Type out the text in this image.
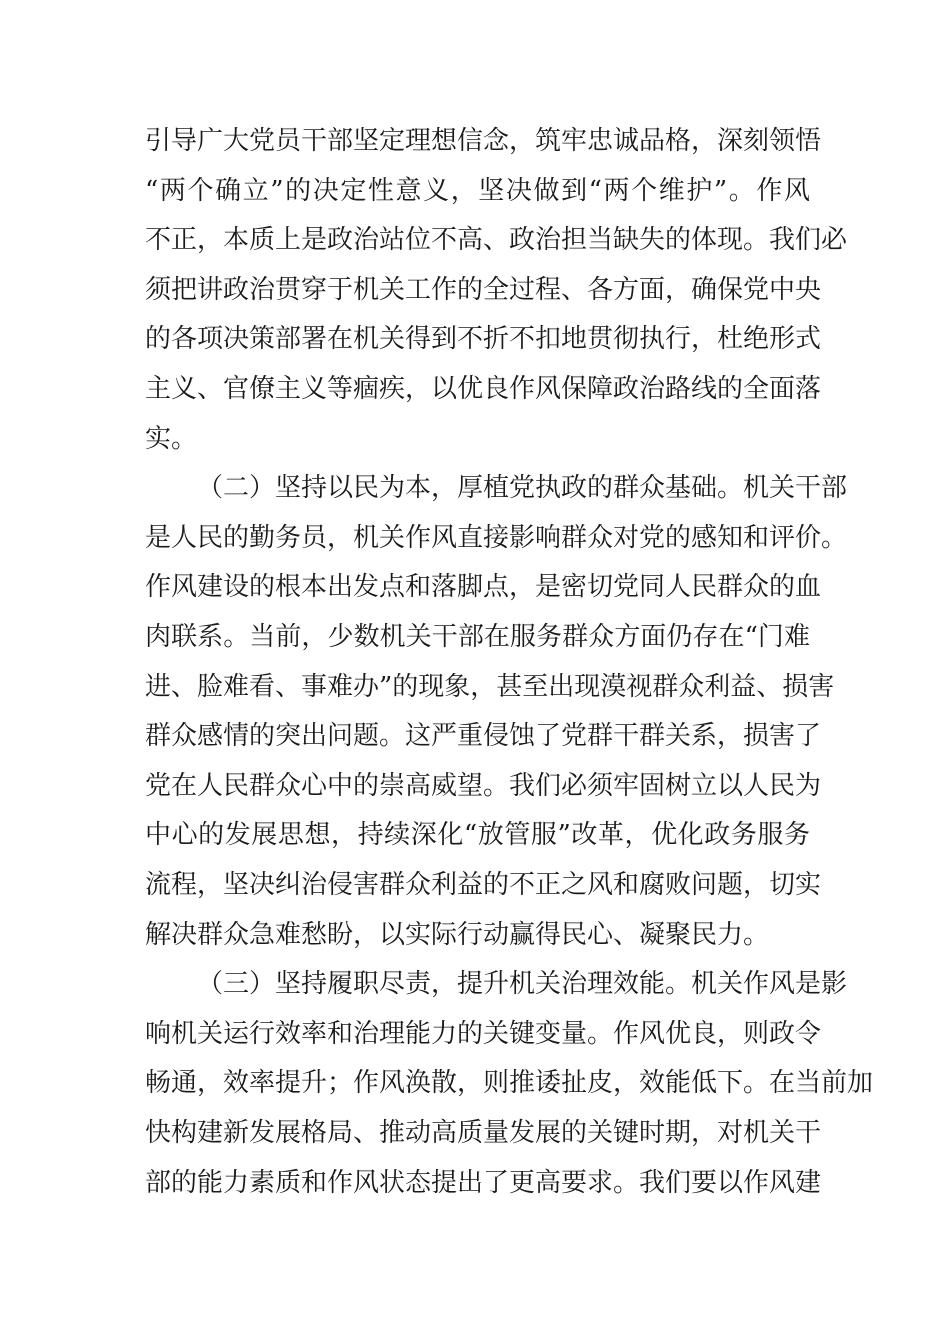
引导广大党员干部坚定理想信念，筑牢忠诚品格，深刻领悟
“两个确立”的决定性意义，坚决做到“两个维护”。作风
不正，本质上是政治站位不高、政治担当缺失的体现。我们必
须把讲政治贯穿于机关工作的全过程、各方面，确保党中央
的各项决策部署在机关得到不折不扣地贯彻执行，杜绝形式
主义、官僚主义等痼疾，以优良作风保障政治路线的全面落
实。
（二）坚持以民为本，厚植党执政的群众基础。机关干部
是人民的勤务员，机关作风直接影响群众对党的感知和评价。
作风建设的根本出发点和落脚点，是密切党同人民群众的血
肉联系。当前，少数机关干部在服务群众方面仍存在“门难
进、脸难看、事难办”的现象，甚至出现漠视群众利益、损害
群众感情的突出问题。这严重侵蚀了党群干群关系，损害了
党在人民群众心中的崇高威望。我们必须牢固树立以人民为
中心的发展思想，持续深化“放管服”改革，优化政务服务
流程，坚决纠治侵害群众利益的不正之风和腐败问题，切实
解决群众急难愁盼，以实际行动赢得民心、凝聚民力。
（三）坚持履职尽责，提升机关治理效能。机关作风是影
响机关运行效率和治理能力的关键变量。作风优良，则政令
畅通，效率提升；作风涣散，则推诿扯皮，效能低下。在当前加
快构建新发展格局、推动高质量发展的关键时期，对机关干
部的能力素质和作风状态提出了更高要求。我们要以作风建
